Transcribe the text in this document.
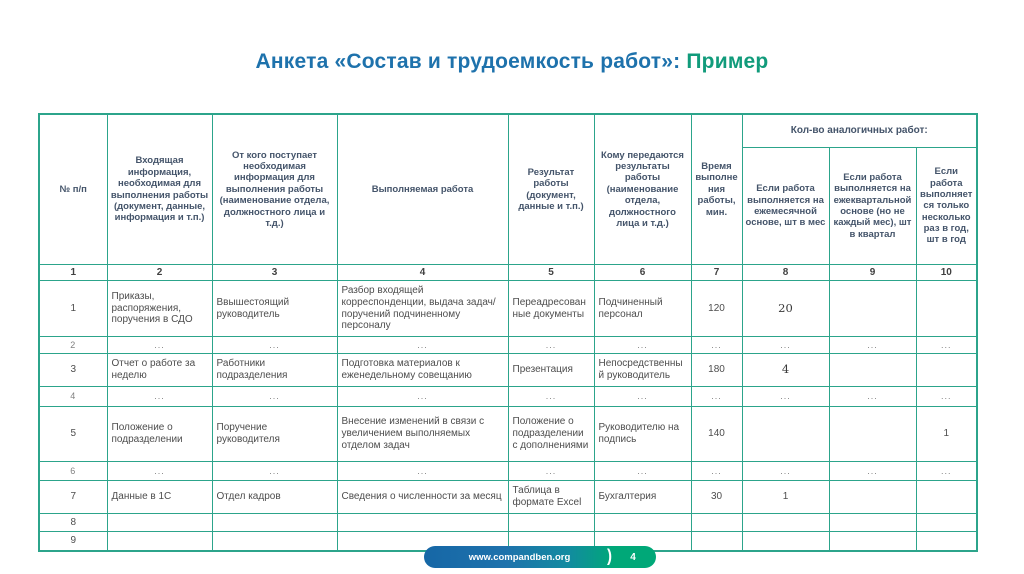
Анкета «Состав и трудоемкость работ»: Пример
№ п/п	Входящая информация, необходимая для выполнения работы (документ, данные, информация и т.п.)	От кого поступает необходимая информация для выполнения работы (наименование отдела, должностного лица и т.д.)	Выполняемая работа	Результат работы (документ, данные и т.п.)	Кому передаются результаты работы (наименование отдела, должностного лица и т.д.)	Время выполнения работы, мин.	Кол-во аналогичных работ:		
							Если работа выполняется на ежемесячной основе, шт в мес	Если работа выполняется на ежеквартальной основе (но не каждый мес), шт в квартал	Если работа выполняется только несколько раз в год, шт в год
1	2	3	4	5	6	7	8	9	10
1	Приказы, распоряжения, поручения в СДО	Ввышестоящий руководитель	Разбор входящей корреспонденции, выдача задач/поручений подчиненному персоналу	Переадресованные документы	Подчиненный персонал	120	20		
2	...	...	...	...	...	...	...	...	...
3	Отчет о работе за неделю	Работники подразделения	Подготовка материалов к еженедельному совещанию	Презентация	Непосредственный руководитель	180	4		
4	...	...	...	...	...	...	...	...	...
5	Положение о подразделении	Поручение руководителя	Внесение изменений в связи с увеличением выполняемых отделом задач	Положение о подразделении с дополнениями	Руководителю на подпись	140			1
6	...	...	...	...	...	...	...	...	...
7	Данные в 1С	Отдел кадров	Сведения о численности за месяц	Таблица в формате Excel	Бухгалтерия	30	1		
8									
9									
www.compandben.org	)	4
